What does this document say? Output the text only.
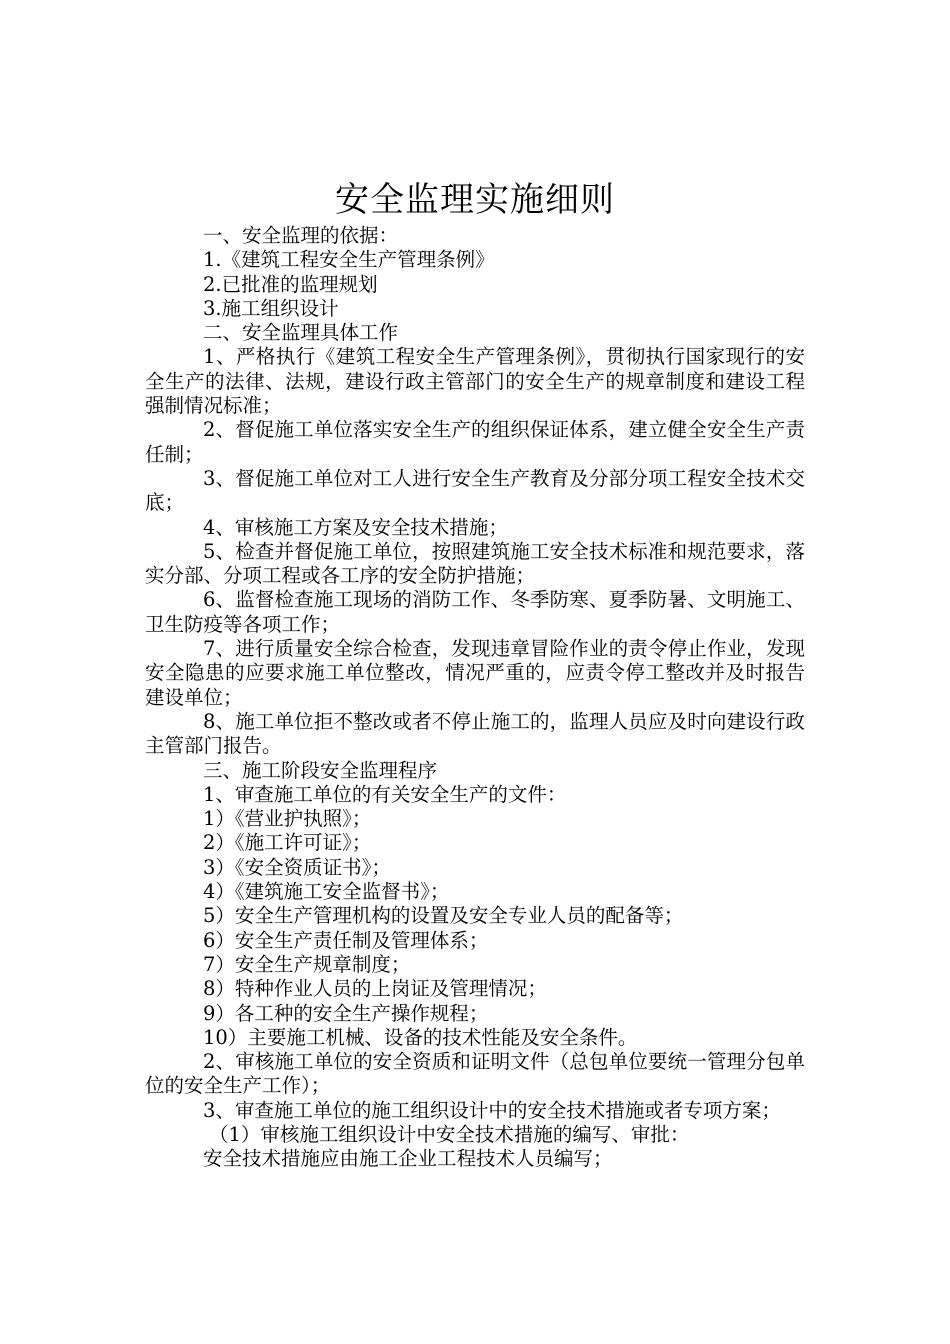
安全监理实施细则

一、安全监理的依据：

1.《建筑工程安全生产管理条例》

2.已批准的监理规划

3.施工组织设计

二、安全监理具体工作

1、严格执行《建筑工程安全生产管理条例》，贯彻执行国家现行的安全生产的法律、法规，建设行政主管部门的安全生产的规章制度和建设工程强制情况标准；

2、督促施工单位落实安全生产的组织保证体系，建立健全安全生产责任制；

3、督促施工单位对工人进行安全生产教育及分部分项工程安全技术交底；

4、审核施工方案及安全技术措施；

5、检查并督促施工单位，按照建筑施工安全技术标准和规范要求，落实分部、分项工程或各工序的安全防护措施；

6、监督检查施工现场的消防工作、冬季防寒、夏季防暑、文明施工、卫生防疫等各项工作；

7、进行质量安全综合检查，发现违章冒险作业的责令停止作业，发现安全隐患的应要求施工单位整改，情况严重的，应责令停工整改并及时报告建设单位；

8、施工单位拒不整改或者不停止施工的，监理人员应及时向建设行政主管部门报告。

三、施工阶段安全监理程序

1、审查施工单位的有关安全生产的文件：

1）《营业护执照》；

2）《施工许可证》；

3）《安全资质证书》；

4）《建筑施工安全监督书》；

5）安全生产管理机构的设置及安全专业人员的配备等；

6）安全生产责任制及管理体系；

7）安全生产规章制度；

8）特种作业人员的上岗证及管理情况；

9）各工种的安全生产操作规程；

10）主要施工机械、设备的技术性能及安全条件。

2、审核施工单位的安全资质和证明文件（总包单位要统一管理分包单位的安全生产工作）；

3、审查施工单位的施工组织设计中的安全技术措施或者专项方案；

（1）审核施工组织设计中安全技术措施的编写、审批：

安全技术措施应由施工企业工程技术人员编写；
